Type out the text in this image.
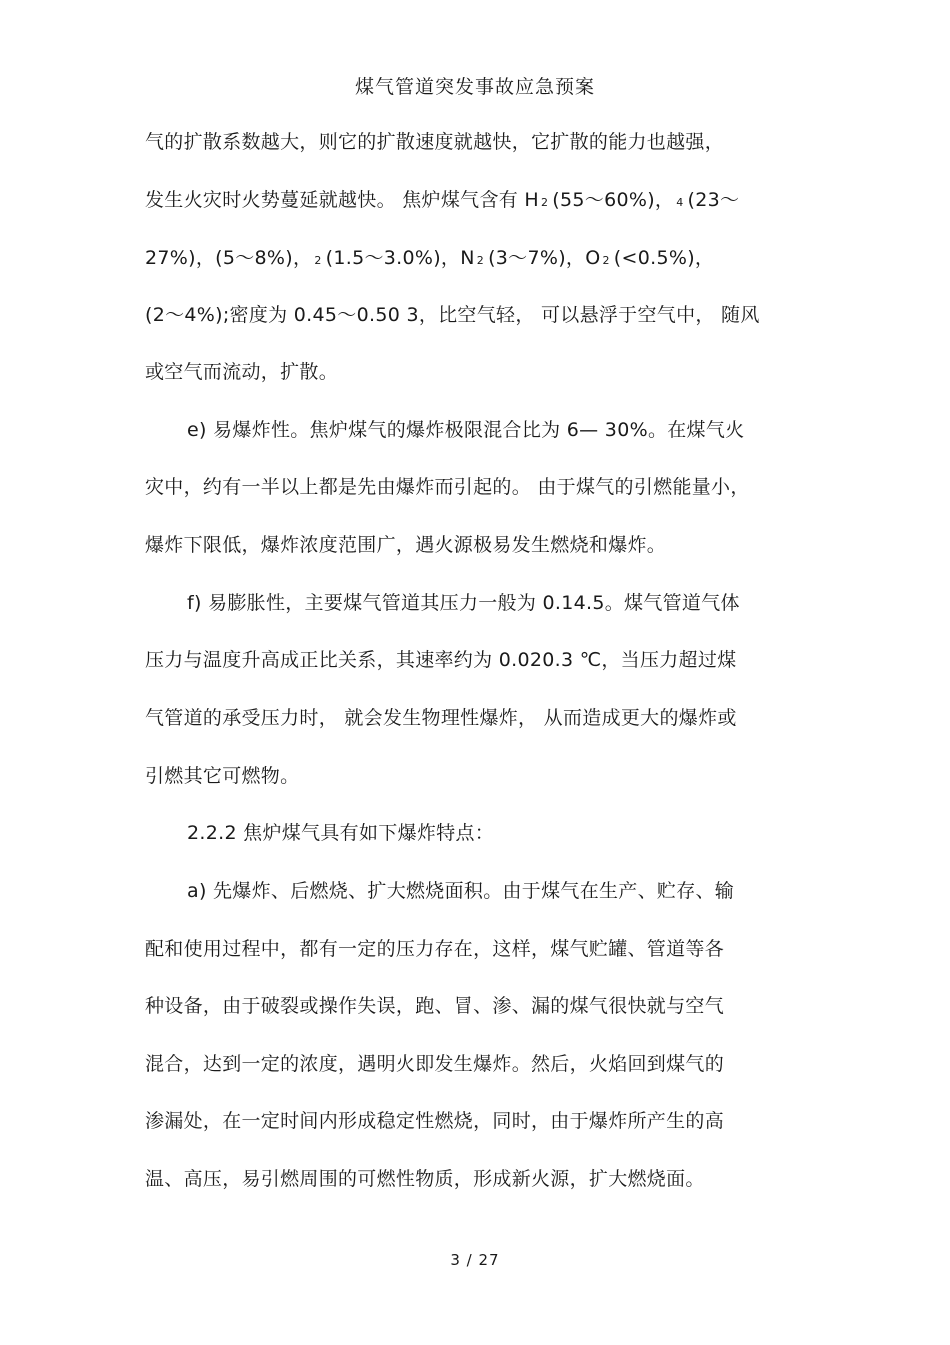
煤气管道突发事故应急预案
气的扩散系数越大，则它的扩散速度就越快，它扩散的能力也越强，
发生火灾时火势蔓延就越快。 焦炉煤气含有 H 2 (55～60%)， 4 (23～
27%)，(5～8%)， 2 (1.5～3.0%)，N 2 (3～7%)，O 2 (<0.5%)，
(2～4%);密度为 0.45～0.50 3，比空气轻， 可以悬浮于空气中， 随风
或空气而流动，扩散。
e) 易爆炸性。焦炉煤气的爆炸极限混合比为 6— 30%。在煤气火
灾中，约有一半以上都是先由爆炸而引起的。 由于煤气的引燃能量小，
爆炸下限低，爆炸浓度范围广，遇火源极易发生燃烧和爆炸。
f) 易膨胀性，主要煤气管道其压力一般为 0.14.5。煤气管道气体
压力与温度升高成正比关系，其速率约为 0.020.3 ℃，当压力超过煤
气管道的承受压力时， 就会发生物理性爆炸， 从而造成更大的爆炸或
引燃其它可燃物。
2.2.2 焦炉煤气具有如下爆炸特点：
a) 先爆炸、后燃烧、扩大燃烧面积。由于煤气在生产、贮存、输
配和使用过程中，都有一定的压力存在，这样，煤气贮罐、管道等各
种设备，由于破裂或操作失误，跑、冒、渗、漏的煤气很快就与空气
混合，达到一定的浓度，遇明火即发生爆炸。然后，火焰回到煤气的
渗漏处，在一定时间内形成稳定性燃烧，同时，由于爆炸所产生的高
温、高压，易引燃周围的可燃性物质，形成新火源，扩大燃烧面。
3 / 27
